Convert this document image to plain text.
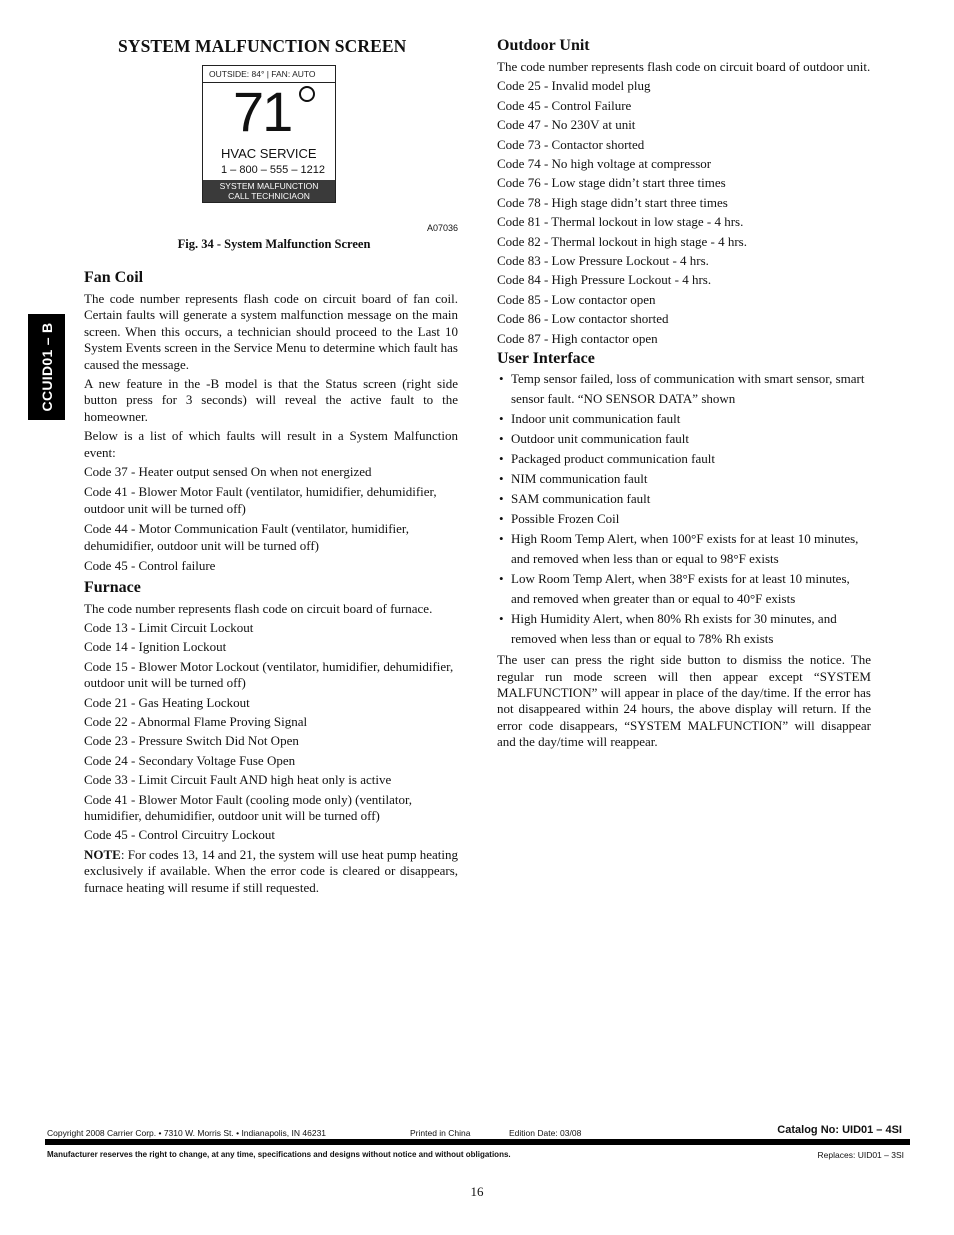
CCUID01 – B
SYSTEM MALFUNCTION SCREEN
OUTSIDE: 84° | FAN: AUTO
71
HVAC SERVICE
1 – 800 – 555 – 1212
SYSTEM MALFUNCTION
CALL TECHNICIAON
A07036
Fig. 34 - System Malfunction Screen
Fan Coil

The code number represents flash code on circuit board of fan coil. Certain faults will generate a system malfunction message on the main screen. When this occurs, a technician should proceed to the Last 10 System Events screen in the Service Menu to determine which fault has caused the message.

A new feature in the -B model is that the Status screen (right side button press for 3 seconds) will reveal the active fault to the homeowner.

Below is a list of which faults will result in a System Malfunction event:

Code 37 - Heater output sensed On when not energized
Code 41 - Blower Motor Fault (ventilator, humidifier, dehumidifier, outdoor unit will be turned off)
Code 44 - Motor Communication Fault (ventilator, humidifier, dehumidifier, outdoor unit will be turned off)
Code 45 - Control failure
Furnace

The code number represents flash code on circuit board of furnace.

Code 13 - Limit Circuit Lockout
Code 14 - Ignition Lockout
Code 15 - Blower Motor Lockout (ventilator, humidifier, dehumidifier, outdoor unit will be turned off)
Code 21 - Gas Heating Lockout
Code 22 - Abnormal Flame Proving Signal
Code 23 - Pressure Switch Did Not Open
Code 24 - Secondary Voltage Fuse Open
Code 33 - Limit Circuit Fault AND high heat only is active
Code 41 - Blower Motor Fault (cooling mode only) (ventilator, humidifier, dehumidifier, outdoor unit will be turned off)
Code 45 - Control Circuitry Lockout

NOTE: For codes 13, 14 and 21, the system will use heat pump heating exclusively if available. When the error code is cleared or disappears, furnace heating will resume if still requested.

Outdoor Unit

The code number represents flash code on circuit board of outdoor unit.

Code 25 - Invalid model plug
Code 45 - Control Failure
Code 47 - No 230V at unit
Code 73 - Contactor shorted
Code 74 - No high voltage at compressor
Code 76 - Low stage didn’t start three times
Code 78 - High stage didn’t start three times
Code 81 - Thermal lockout in low stage - 4 hrs.
Code 82 - Thermal lockout in high stage - 4 hrs.
Code 83 - Low Pressure Lockout - 4 hrs.
Code 84 - High Pressure Lockout - 4 hrs.
Code 85 - Low contactor open
Code 86 - Low contactor shorted
Code 87 - High contactor open
User Interface
• Temp sensor failed, loss of communication with smart sensor, smart sensor fault. “NO SENSOR DATA” shown
• Indoor unit communication fault
• Outdoor unit communication fault
• Packaged product communication fault
• NIM communication fault
• SAM communication fault
• Possible Frozen Coil
• High Room Temp Alert, when 100°F exists for at least 10 minutes, and removed when less than or equal to 98°F exists
• Low Room Temp Alert, when 38°F exists for at least 10 minutes, and removed when greater than or equal to 40°F exists
• High Humidity Alert, when 80% Rh exists for 30 minutes, and removed when less than or equal to 78% Rh exists

The user can press the right side button to dismiss the notice. The regular run mode screen will then appear except “SYSTEM MALFUNCTION” will appear in place of the day/time. If the error has not disappeared within 24 hours, the above display will return. If the error code disappears, “SYSTEM MALFUNCTION” will disappear and the day/time will reappear.

Copyright 2008 Carrier Corp. • 7310 W. Morris St. • Indianapolis, IN 46231	Printed in China	Edition Date: 03/08	Catalog No: UID01 – 4SI
Manufacturer reserves the right to change, at any time, specifications and designs without notice and without obligations.	Replaces: UID01 – 3SI
16
